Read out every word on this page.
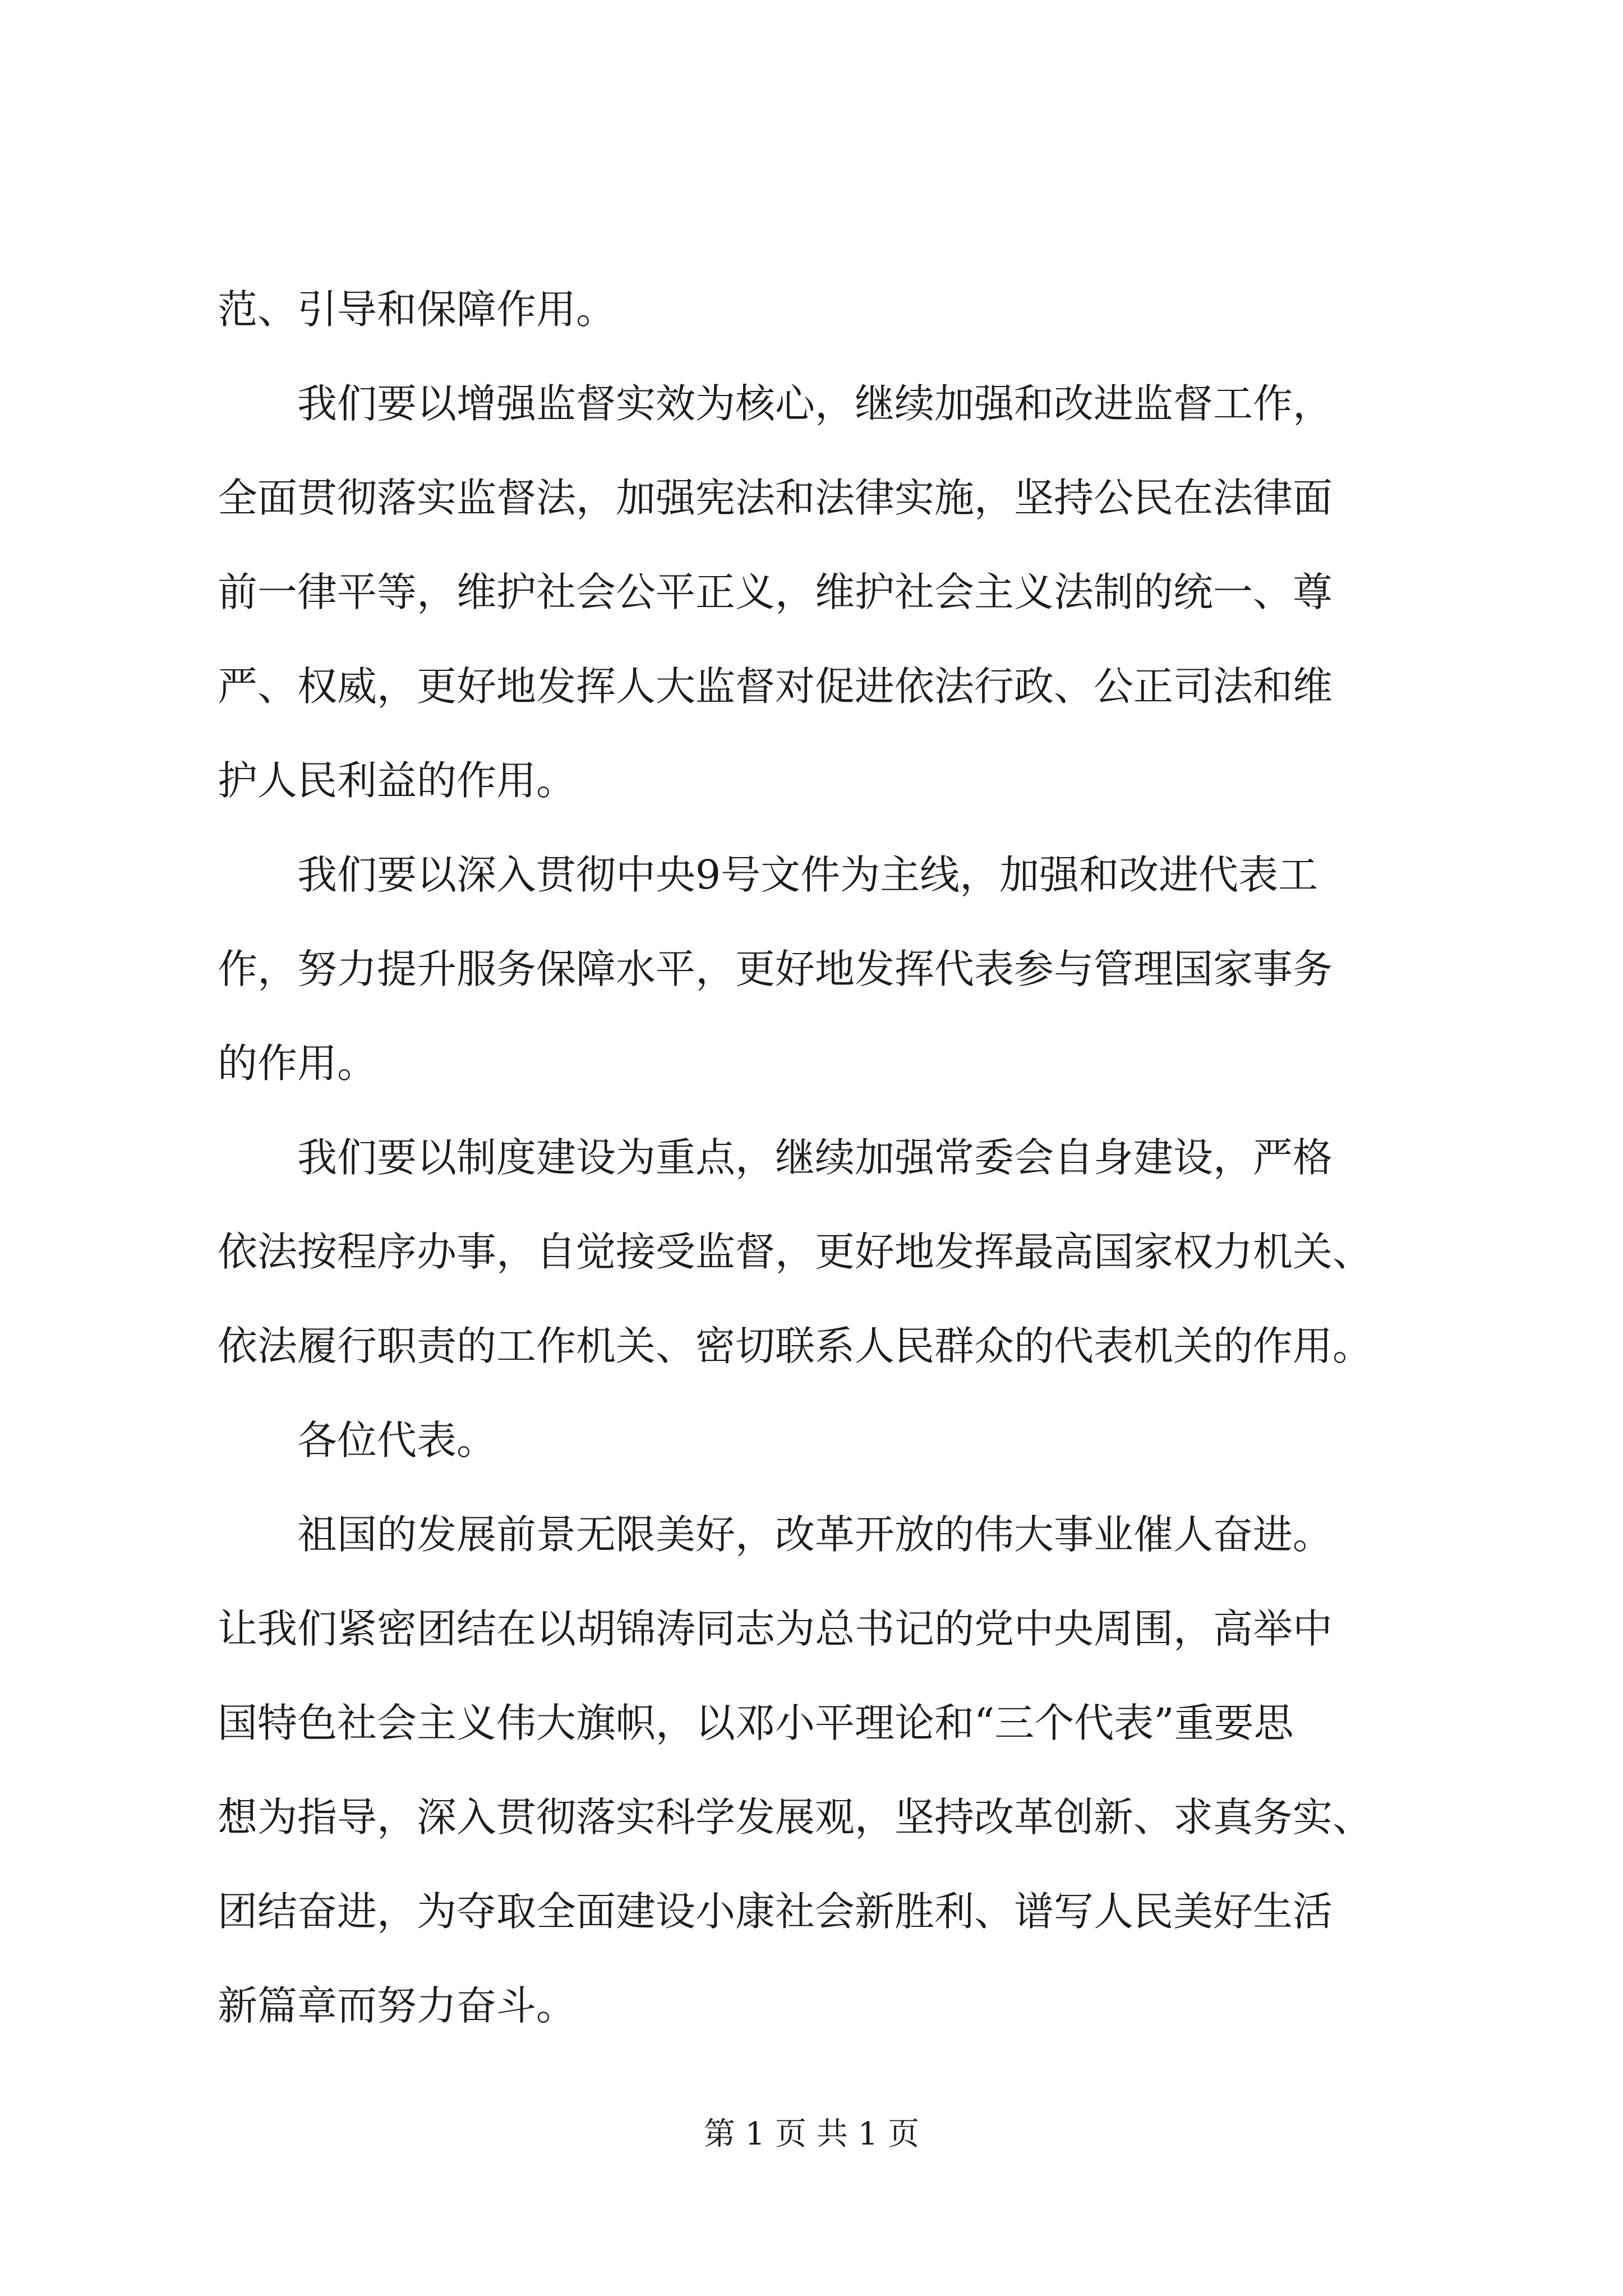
范、引导和保障作用。

我们要以增强监督实效为核心，继续加强和改进监督工作，
全面贯彻落实监督法，加强宪法和法律实施，坚持公民在法律面
前一律平等，维护社会公平正义，维护社会主义法制的统一、尊
严、权威，更好地发挥人大监督对促进依法行政、公正司法和维
护人民利益的作用。

我们要以深入贯彻中央9号文件为主线，加强和改进代表工
作，努力提升服务保障水平，更好地发挥代表参与管理国家事务
的作用。

我们要以制度建设为重点，继续加强常委会自身建设，严格
依法按程序办事，自觉接受监督，更好地发挥最高国家权力机关、
依法履行职责的工作机关、密切联系人民群众的代表机关的作用。

各位代表。

祖国的发展前景无限美好，改革开放的伟大事业催人奋进。
让我们紧密团结在以胡锦涛同志为总书记的党中央周围，高举中
国特色社会主义伟大旗帜，以邓小平理论和“三个代表”重要思
想为指导，深入贯彻落实科学发展观，坚持改革创新、求真务实、
团结奋进，为夺取全面建设小康社会新胜利、谱写人民美好生活
新篇章而努力奋斗。

第 1 页 共 1 页
